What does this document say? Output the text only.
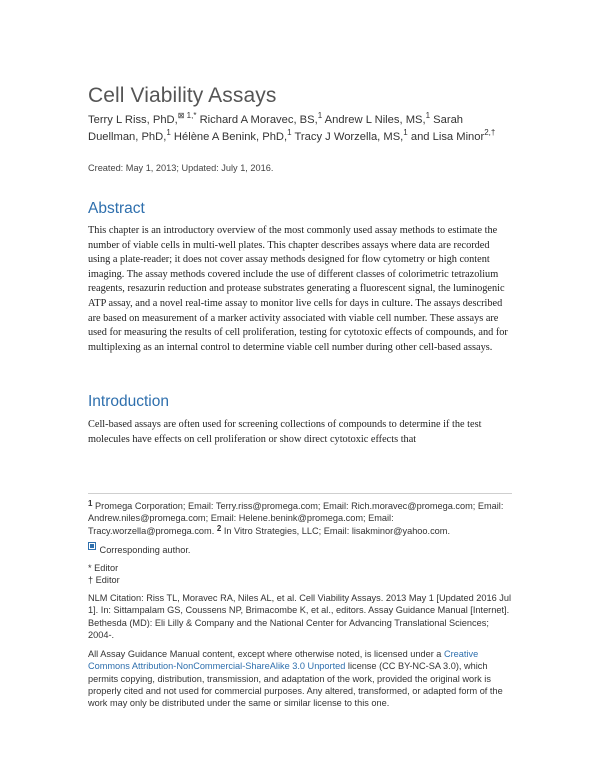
Cell Viability Assays
Terry L Riss, PhD,$^{⊠ 1,*}$ Richard A Moravec, BS,$^1$ Andrew L Niles, MS,$^1$ Sarah Duellman, PhD,$^1$ Hélène A Benink, PhD,$^1$ Tracy J Worzella, MS,$^1$ and Lisa Minor$^{2,\dagger}$
Created: May 1, 2013; Updated: July 1, 2016.
Abstract

This chapter is an introductory overview of the most commonly used assay methods to estimate the number of viable cells in multi-well plates. This chapter describes assays where data are recorded using a plate-reader; it does not cover assay methods designed for flow cytometry or high content imaging. The assay methods covered include the use of different classes of colorimetric tetrazolium reagents, resazurin reduction and protease substrates generating a fluorescent signal, the luminogenic ATP assay, and a novel real-time assay to monitor live cells for days in culture. The assays described are based on measurement of a marker activity associated with viable cell number. These assays are used for measuring the results of cell proliferation, testing for cytotoxic effects of compounds, and for multiplexing as an internal control to determine viable cell number during other cell-based assays.

Introduction

Cell-based assays are often used for screening collections of compounds to determine if the test molecules have effects on cell proliferation or show direct cytotoxic effects that

$^1$ Promega Corporation; Email: Terry.riss@promega.com; Email: Rich.moravec@promega.com; Email: Andrew.niles@promega.com; Email: Helene.benink@promega.com; Email: Tracy.worzella@promega.com. $^2$ In Vitro Strategies, LLC; Email: lisakminor@yahoo.com.

Corresponding author.

* Editor

† Editor

NLM Citation: Riss TL, Moravec RA, Niles AL, et al. Cell Viability Assays. 2013 May 1 [Updated 2016 Jul 1]. In: Sittampalam GS, Coussens NP, Brimacombe K, et al., editors. Assay Guidance Manual [Internet]. Bethesda (MD): Eli Lilly & Company and the National Center for Advancing Translational Sciences; 2004-.

All Assay Guidance Manual content, except where otherwise noted, is licensed under a Creative Commons Attribution-NonCommercial-ShareAlike 3.0 Unported license (CC BY-NC-SA 3.0), which permits copying, distribution, transmission, and adaptation of the work, provided the original work is properly cited and not used for commercial purposes. Any altered, transformed, or adapted form of the work may only be distributed under the same or similar license to this one.
